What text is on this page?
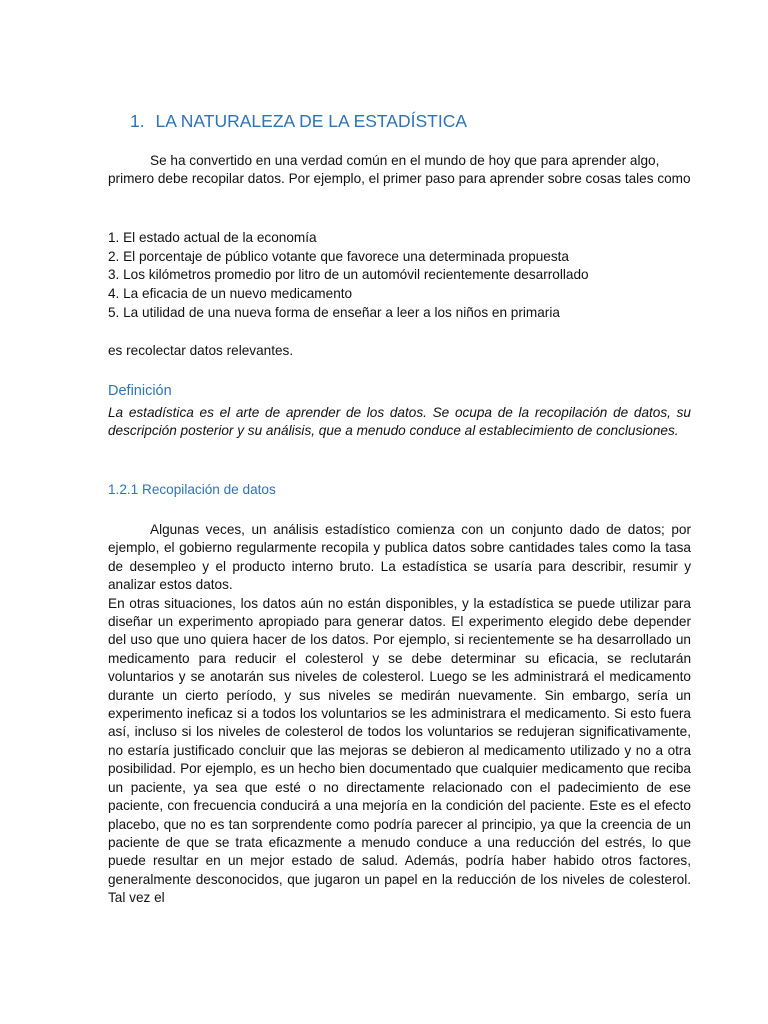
1. LA NATURALEZA DE LA ESTADÍSTICA
Se ha convertido en una verdad común en el mundo de hoy que para aprender algo, primero debe recopilar datos. Por ejemplo, el primer paso para aprender sobre cosas tales como
1. El estado actual de la economía
2. El porcentaje de público votante que favorece una determinada propuesta
3. Los kilómetros promedio por litro de un automóvil recientemente desarrollado
4. La eficacia de un nuevo medicamento
5. La utilidad de una nueva forma de enseñar a leer a los niños en primaria
es recolectar datos relevantes.
Definición
La estadística es el arte de aprender de los datos. Se ocupa de la recopilación de datos, su descripción posterior y su análisis, que a menudo conduce al establecimiento de conclusiones.
1.2.1 Recopilación de datos
Algunas veces, un análisis estadístico comienza con un conjunto dado de datos; por ejemplo, el gobierno regularmente recopila y publica datos sobre cantidades tales como la tasa de desempleo y el producto interno bruto. La estadística se usaría para describir, resumir y analizar estos datos.
En otras situaciones, los datos aún no están disponibles, y la estadística se puede utilizar para diseñar un experimento apropiado para generar datos. El experimento elegido debe depender del uso que uno quiera hacer de los datos. Por ejemplo, si recientemente se ha desarrollado un medicamento para reducir el colesterol y se debe determinar su eficacia, se reclutarán voluntarios y se anotarán sus niveles de colesterol. Luego se les administrará el medicamento durante un cierto período, y sus niveles se medirán nuevamente. Sin embargo, sería un experimento ineficaz si a todos los voluntarios se les administrara el medicamento. Si esto fuera así, incluso si los niveles de colesterol de todos los voluntarios se redujeran significativamente, no estaría justificado concluir que las mejoras se debieron al medicamento utilizado y no a otra posibilidad. Por ejemplo, es un hecho bien documentado que cualquier medicamento que reciba un paciente, ya sea que esté o no directamente relacionado con el padecimiento de ese paciente, con frecuencia conducirá a una mejoría en la condición del paciente. Este es el efecto placebo, que no es tan sorprendente como podría parecer al principio, ya que la creencia de un paciente de que se trata eficazmente a menudo conduce a una reducción del estrés, lo que puede resultar en un mejor estado de salud. Además, podría haber habido otros factores, generalmente desconocidos, que jugaron un papel en la reducción de los niveles de colesterol. Tal vez el
